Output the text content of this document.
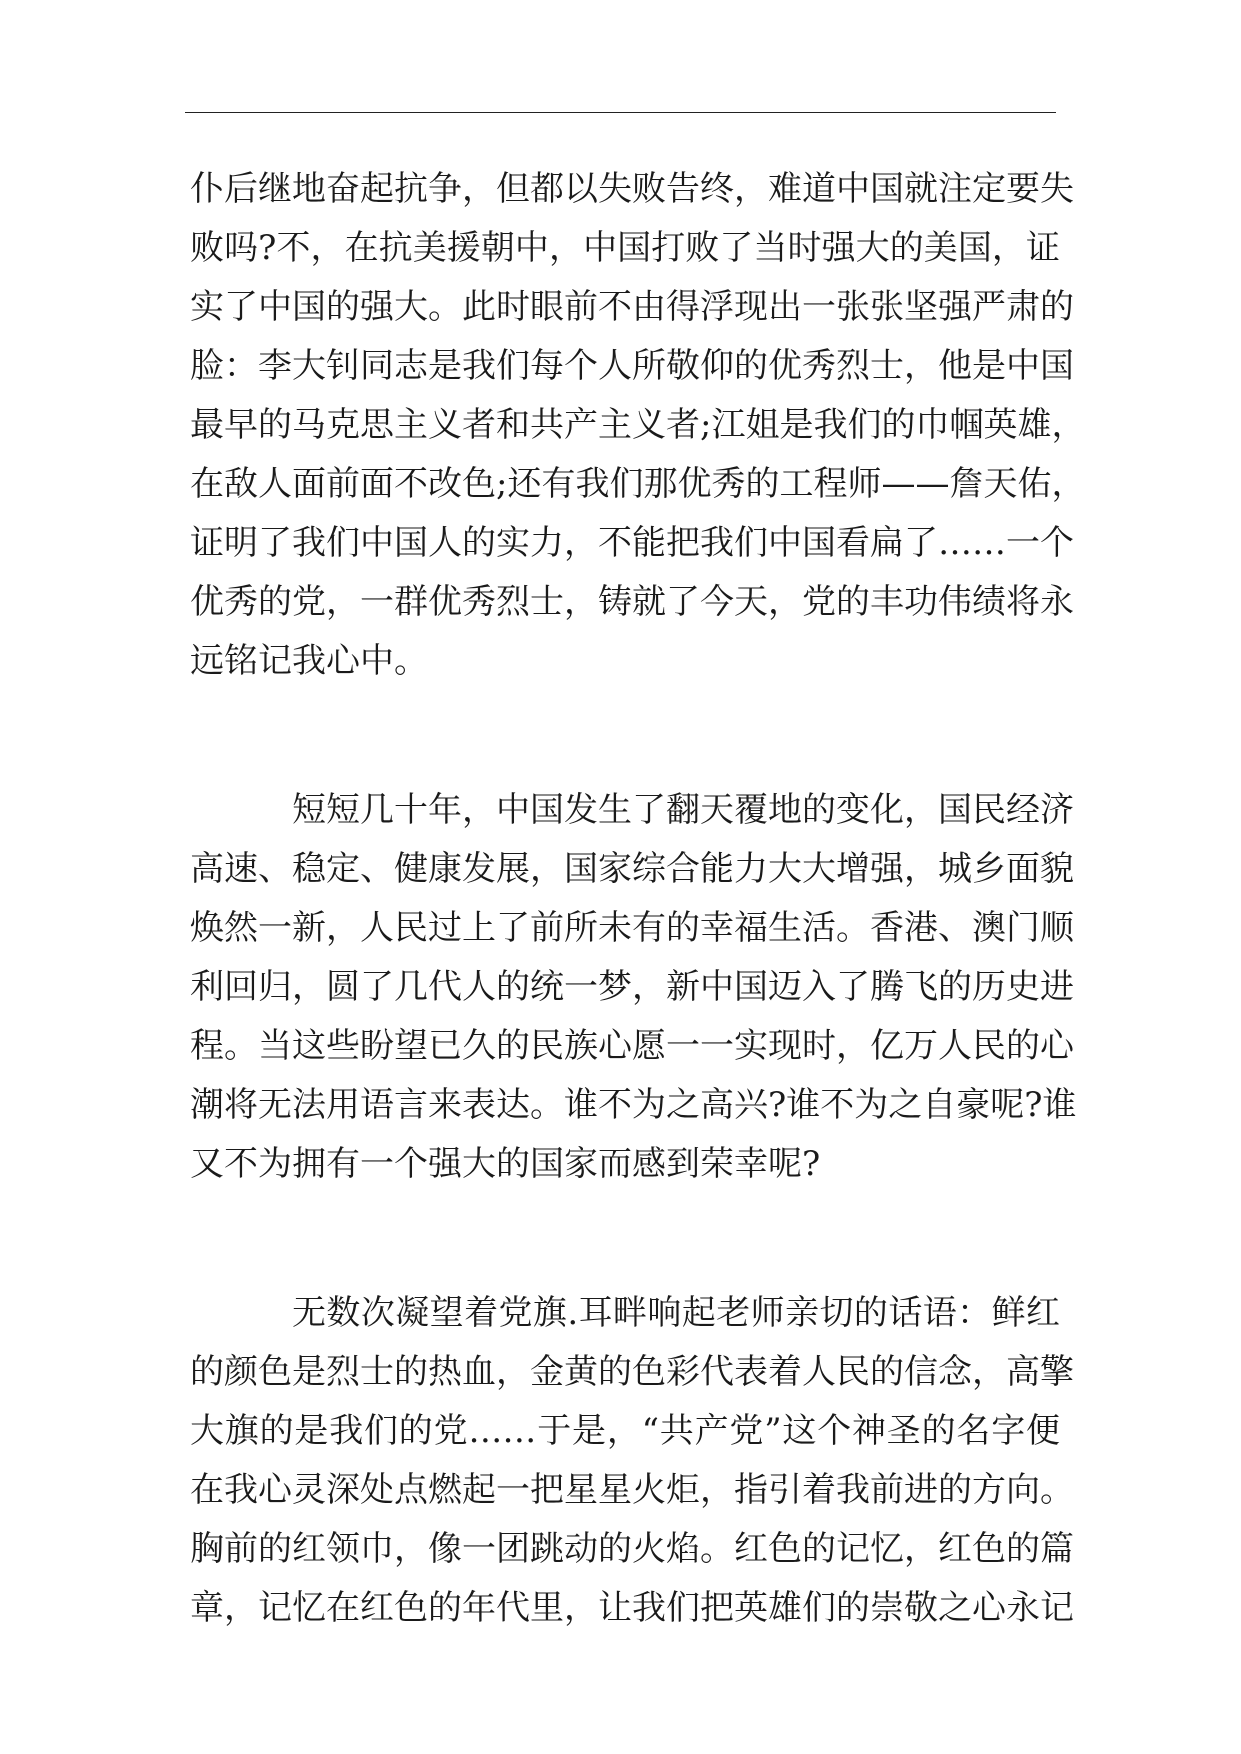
仆后继地奋起抗争，但都以失败告终，难道中国就注定要失
败吗?不，在抗美援朝中，中国打败了当时强大的美国，证
实了中国的强大。此时眼前不由得浮现出一张张坚强严肃的
脸：李大钊同志是我们每个人所敬仰的优秀烈士，他是中国
最早的马克思主义者和共产主义者;江姐是我们的巾帼英雄，
在敌人面前面不改色;还有我们那优秀的工程师——詹天佑，
证明了我们中国人的实力，不能把我们中国看扁了……一个
优秀的党，一群优秀烈士，铸就了今天，党的丰功伟绩将永
远铭记我心中。
短短几十年，中国发生了翻天覆地的变化，国民经济
高速、稳定、健康发展，国家综合能力大大增强，城乡面貌
焕然一新，人民过上了前所未有的幸福生活。香港、澳门顺
利回归，圆了几代人的统一梦，新中国迈入了腾飞的历史进
程。当这些盼望已久的民族心愿一一实现时，亿万人民的心
潮将无法用语言来表达。谁不为之高兴?谁不为之自豪呢?谁
又不为拥有一个强大的国家而感到荣幸呢?
无数次凝望着党旗.耳畔响起老师亲切的话语：鲜红
的颜色是烈士的热血，金黄的色彩代表着人民的信念，高擎
大旗的是我们的党……于是，“共产党”这个神圣的名字便
在我心灵深处点燃起一把星星火炬，指引着我前进的方向。
胸前的红领巾，像一团跳动的火焰。红色的记忆，红色的篇
章，记忆在红色的年代里，让我们把英雄们的崇敬之心永记
